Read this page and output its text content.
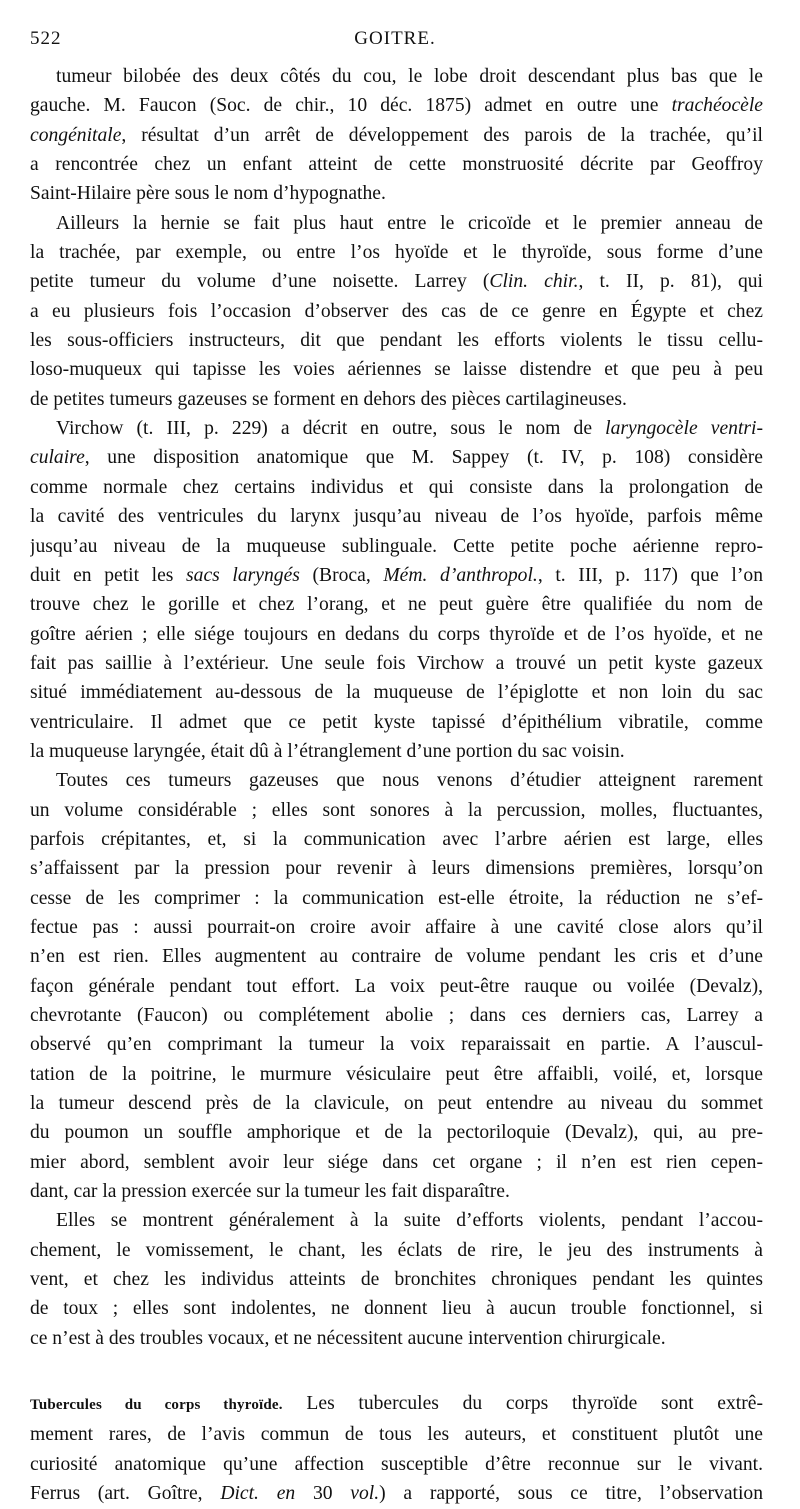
522	GOITRE.
tumeur bilobée des deux côtés du cou, le lobe droit descendant plus bas que le
gauche. M. Faucon (Soc. de chir., 10 déc. 1875) admet en outre une trachéocèle
congénitale, résultat d’un arrêt de développement des parois de la trachée, qu’il
a rencontrée chez un enfant atteint de cette monstruosité décrite par Geoffroy
Saint-Hilaire père sous le nom d’hypognathe.
Ailleurs la hernie se fait plus haut entre le cricoïde et le premier anneau de
la trachée, par exemple, ou entre l’os hyoïde et le thyroïde, sous forme d’une
petite tumeur du volume d’une noisette. Larrey (Clin. chir., t. II, p. 81), qui
a eu plusieurs fois l’occasion d’observer des cas de ce genre en Égypte et chez
les sous-officiers instructeurs, dit que pendant les efforts violents le tissu cellu-
loso-muqueux qui tapisse les voies aériennes se laisse distendre et que peu à peu
de petites tumeurs gazeuses se forment en dehors des pièces cartilagineuses.
Virchow (t. III, p. 229) a décrit en outre, sous le nom de laryngocèle ventri-
culaire, une disposition anatomique que M. Sappey (t. IV, p. 108) considère
comme normale chez certains individus et qui consiste dans la prolongation de
la cavité des ventricules du larynx jusqu’au niveau de l’os hyoïde, parfois même
jusqu’au niveau de la muqueuse sublinguale. Cette petite poche aérienne repro-
duit en petit les sacs laryngés (Broca, Mém. d’anthropol., t. III, p. 117) que l’on
trouve chez le gorille et chez l’orang, et ne peut guère être qualifiée du nom de
goître aérien ; elle siége toujours en dedans du corps thyroïde et de l’os hyoïde, et ne
fait pas saillie à l’extérieur. Une seule fois Virchow a trouvé un petit kyste gazeux
situé immédiatement au-dessous de la muqueuse de l’épiglotte et non loin du sac
ventriculaire. Il admet que ce petit kyste tapissé d’épithélium vibratile, comme
la muqueuse laryngée, était dû à l’étranglement d’une portion du sac voisin.
Toutes ces tumeurs gazeuses que nous venons d’étudier atteignent rarement
un volume considérable ; elles sont sonores à la percussion, molles, fluctuantes,
parfois crépitantes, et, si la communication avec l’arbre aérien est large, elles
s’affaissent par la pression pour revenir à leurs dimensions premières, lorsqu’on
cesse de les comprimer : la communication est-elle étroite, la réduction ne s’ef-
fectue pas : aussi pourrait-on croire avoir affaire à une cavité close alors qu’il
n’en est rien. Elles augmentent au contraire de volume pendant les cris et d’une
façon générale pendant tout effort. La voix peut-être rauque ou voilée (Devalz),
chevrotante (Faucon) ou complétement abolie ; dans ces derniers cas, Larrey a
observé qu’en comprimant la tumeur la voix reparaissait en partie. A l’auscul-
tation de la poitrine, le murmure vésiculaire peut être affaibli, voilé, et, lorsque
la tumeur descend près de la clavicule, on peut entendre au niveau du sommet
du poumon un souffle amphorique et de la pectoriloquie (Devalz), qui, au pre-
mier abord, semblent avoir leur siége dans cet organe ; il n’en est rien cepen-
dant, car la pression exercée sur la tumeur les fait disparaître.
Elles se montrent généralement à la suite d’efforts violents, pendant l’accou-
chement, le vomissement, le chant, les éclats de rire, le jeu des instruments à
vent, et chez les individus atteints de bronchites chroniques pendant les quintes
de toux ; elles sont indolentes, ne donnent lieu à aucun trouble fonctionnel, si
ce n’est à des troubles vocaux, et ne nécessitent aucune intervention chirurgicale.
Tubercules du corps thyroïde. Les tubercules du corps thyroïde sont extrê-
mement rares, de l’avis commun de tous les auteurs, et constituent plutôt une
curiosité anatomique qu’une affection susceptible d’être reconnue sur le vivant.
Ferrus (art. Goître, Dict. en 30 vol.) a rapporté, sous ce titre, l’observation
